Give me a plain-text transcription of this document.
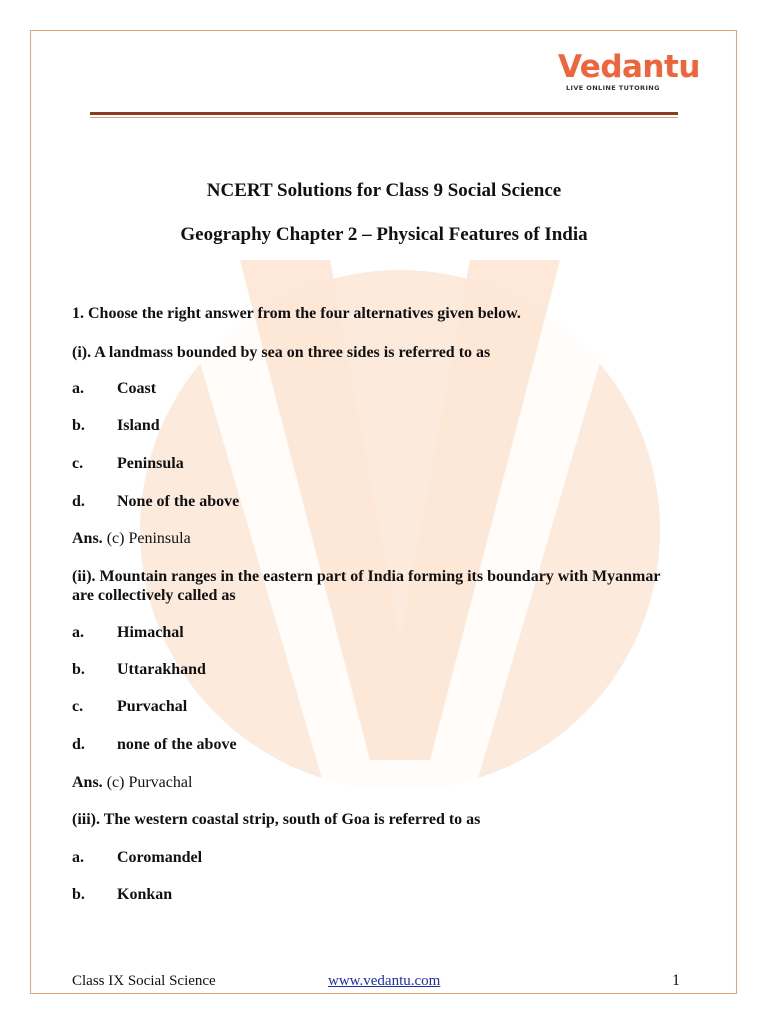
Vedantu
LIVE ONLINE TUTORING
NCERT Solutions for Class 9 Social Science
Geography Chapter 2 – Physical Features of India
1. Choose the right answer from the four alternatives given below.
(i). A landmass bounded by sea on three sides is referred to as
a. Coast
b. Island
c. Peninsula
d. None of the above
Ans. (c) Peninsula
(ii). Mountain ranges in the eastern part of India forming its boundary with Myanmar
are collectively called as
a. Himachal
b. Uttarakhand
c. Purvachal
d. none of the above
Ans. (c) Purvachal
(iii). The western coastal strip, south of Goa is referred to as
a. Coromandel
b. Konkan
Class IX Social Science	www.vedantu.com	1
